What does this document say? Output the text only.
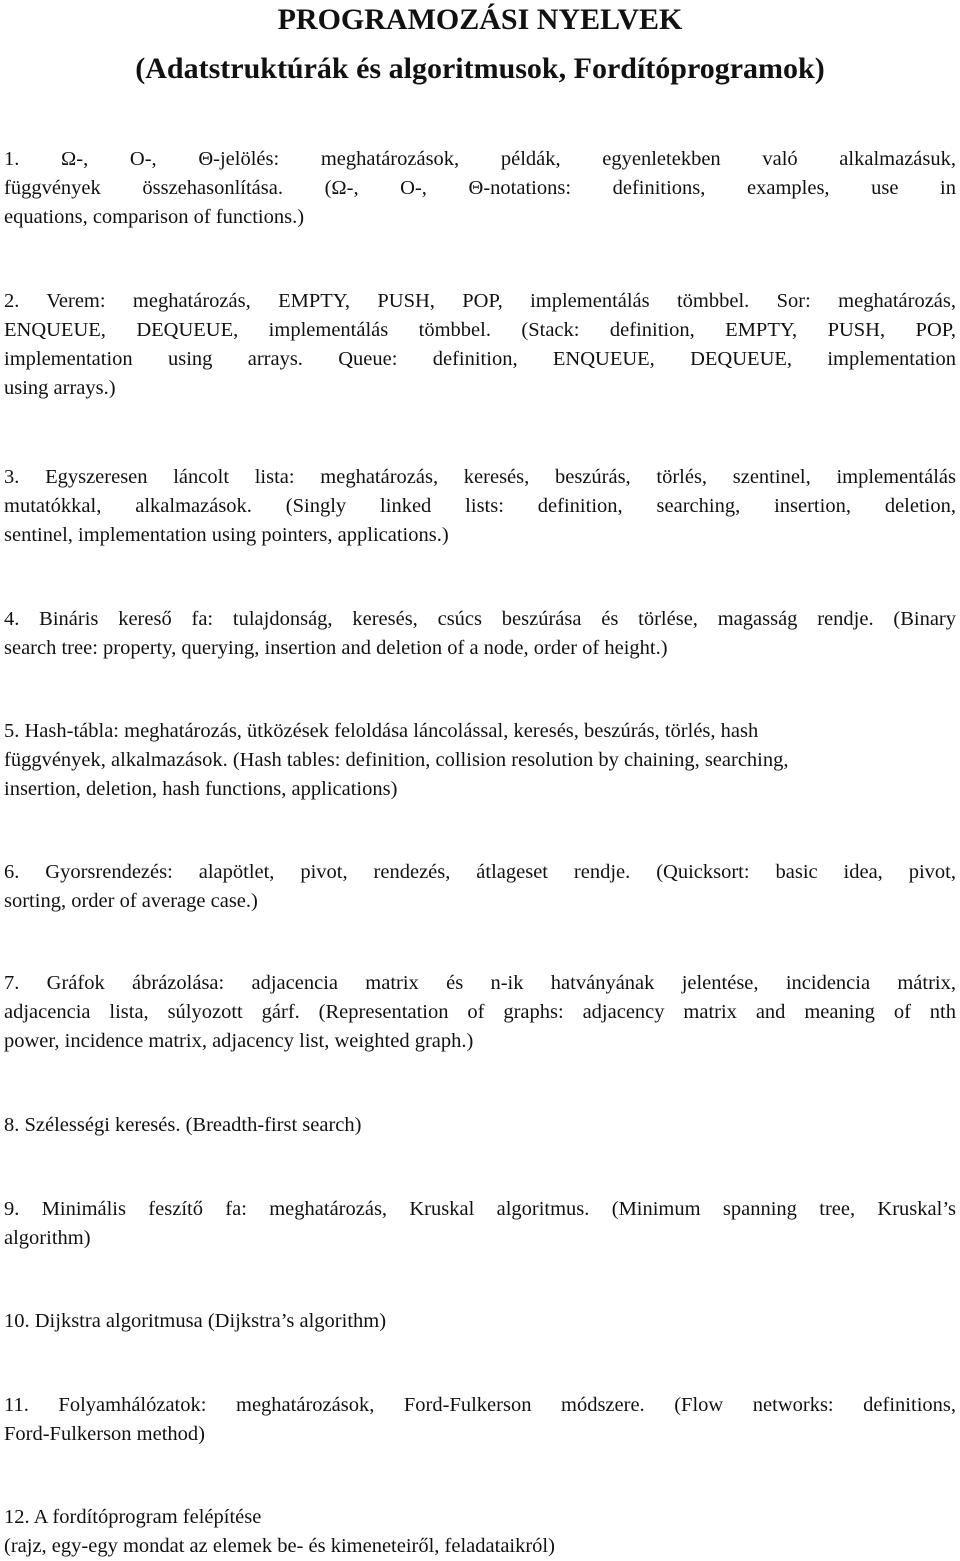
PROGRAMOZÁSI NYELVEK
(Adatstruktúrák és algoritmusok, Fordítóprogramok)
1. Ω-, O-, Θ-jelölés: meghatározások, példák, egyenletekben való alkalmazásuk,
függvények összehasonlítása. (Ω-, O-, Θ-notations: definitions, examples, use in
equations, comparison of functions.)
2. Verem: meghatározás, EMPTY, PUSH, POP, implementálás tömbbel. Sor: meghatározás,
ENQUEUE, DEQUEUE, implementálás tömbbel. (Stack: definition, EMPTY, PUSH, POP,
implementation using arrays. Queue: definition, ENQUEUE, DEQUEUE, implementation
using arrays.)
3. Egyszeresen láncolt lista: meghatározás, keresés, beszúrás, törlés, szentinel, implementálás
mutatókkal, alkalmazások. (Singly linked lists: definition, searching, insertion, deletion,
sentinel, implementation using pointers, applications.)
4. Bináris kereső fa: tulajdonság, keresés, csúcs beszúrása és törlése, magasság rendje. (Binary
search tree: property, querying, insertion and deletion of a node, order of height.)
5. Hash-tábla: meghatározás, ütközések feloldása láncolással, keresés, beszúrás, törlés, hash
függvények, alkalmazások. (Hash tables: definition, collision resolution by chaining, searching,
insertion, deletion, hash functions, applications)
6. Gyorsrendezés: alapötlet, pivot, rendezés, átlageset rendje. (Quicksort: basic idea, pivot,
sorting, order of average case.)
7. Gráfok ábrázolása: adjacencia matrix és n-ik hatványának jelentése, incidencia mátrix,
adjacencia lista, súlyozott gárf. (Representation of graphs: adjacency matrix and meaning of nth
power, incidence matrix, adjacency list, weighted graph.)
8. Szélességi keresés. (Breadth-first search)
9. Minimális feszítő fa: meghatározás, Kruskal algoritmus. (Minimum spanning tree, Kruskal’s
algorithm)
10. Dijkstra algoritmusa (Dijkstra’s algorithm)
11. Folyamhálózatok: meghatározások, Ford-Fulkerson módszere. (Flow networks: definitions,
Ford-Fulkerson method)
12. A fordítóprogram felépítése
(rajz, egy-egy mondat az elemek be- és kimeneteiről, feladataikról)
